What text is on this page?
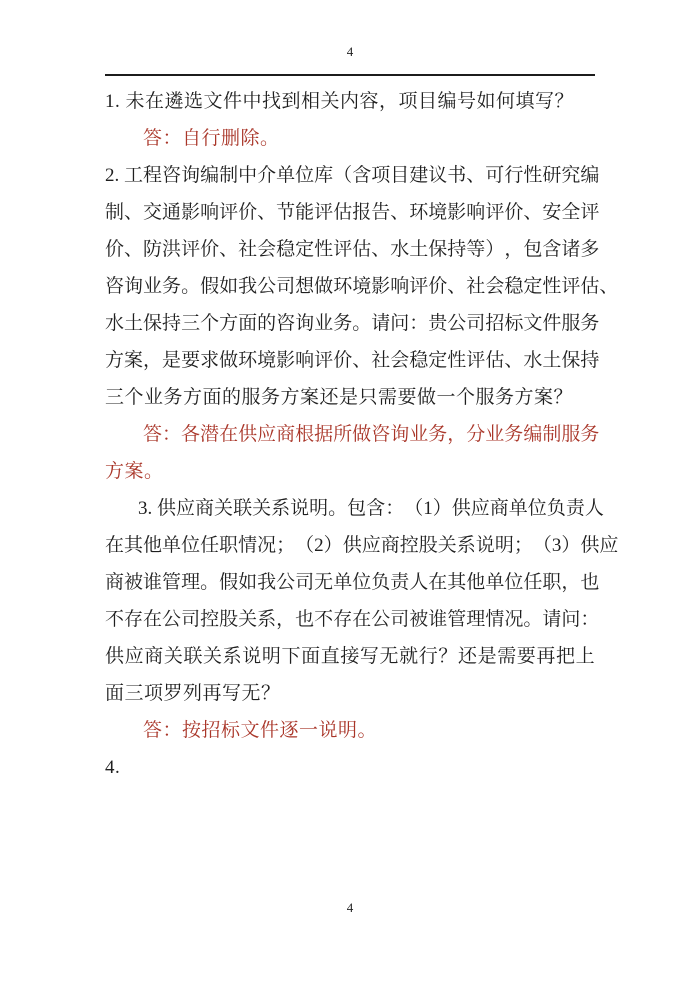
4
1. 未在遴选文件中找到相关内容，项目编号如何填写？
答：自行删除。
2 .
工 程 咨 询 编 制 中 介 单 位 库 （ 含 项 目 建 议 书 、 可 行 性 研 究 编
制 、 交 通 影 响 评 价 、 节 能 评 估 报 告 、 环 境 影 响 评 价 、 安 全 评
价 、 防 洪 评 价 、 社 会 稳 定 性 评 估 、 水 土 保 持 等 ） ， 包 含 诸 多
咨 询 业 务 。 假 如 我 公 司 想 做 环 境 影 响 评 价 、 社 会 稳 定 性 评 估 、
水 土 保 持 三 个 方 面 的 咨 询 业 务 。 请 问 ： 贵 公 司 招 标 文 件 服 务
方 案 ， 是 要 求 做 环 境 影 响 评 价 、 社 会 稳 定 性 评 估 、 水 土 保 持
三个业务方面的服务方案还是只需要做一个服务方案？
答 ： 各 潜 在 供 应 商 根 据 所 做 咨 询 业 务 ， 分 业 务 编 制 服 务
方案。
3 .
供 应 商 关 联 关 系 说 明 。 包 含 ： （ 1 ） 供 应 商 单 位 负 责 人
在 其 他 单 位 任 职 情 况 ； （ 2 ） 供 应 商 控 股 关 系 说 明 ； （ 3 ） 供 应
商 被 谁 管 理 。 假 如 我 公 司 无 单 位 负 责 人 在 其 他 单 位 任 职 ， 也
不 存 在 公 司 控 股 关 系 ， 也 不 存 在 公 司 被 谁 管 理 情 况 。 请 问 ：
供 应 商 关 联 关 系 说 明 下 面 直 接 写 无 就 行 ？ 还 是 需 要 再 把 上
面三项罗列再写无？
答：按招标文件逐一说明。
4.
4
